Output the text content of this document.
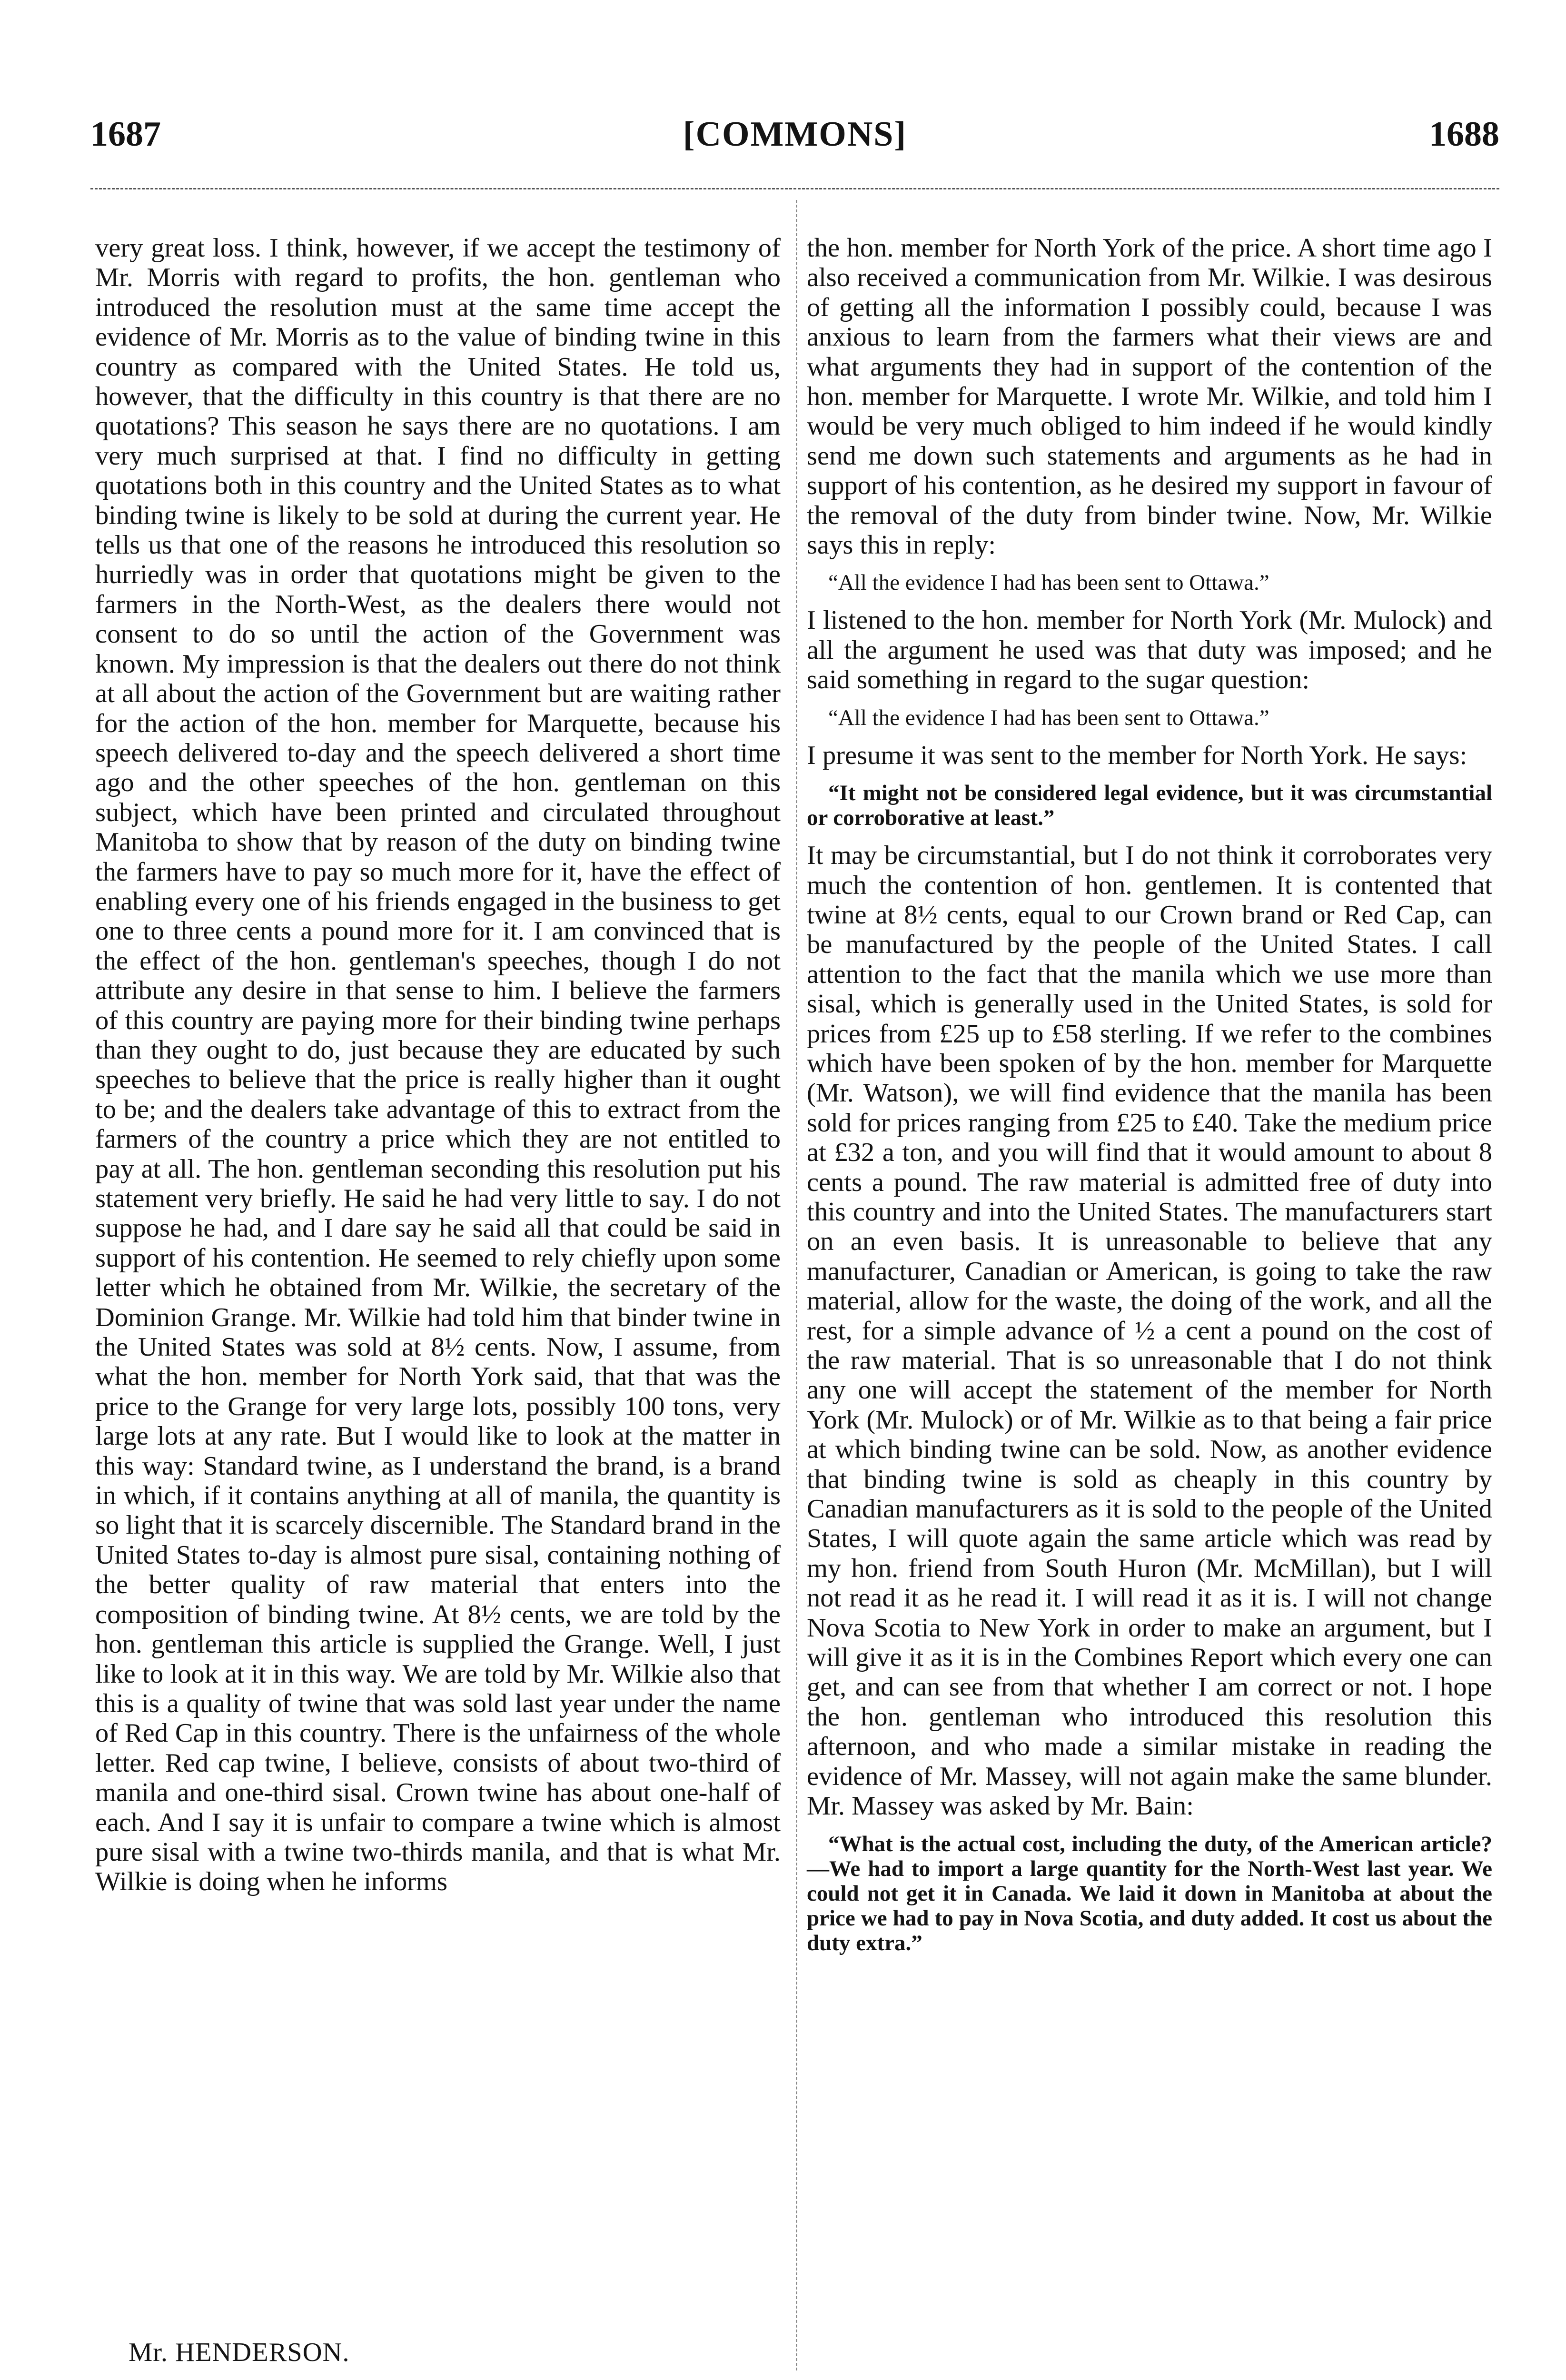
1687	[COMMONS]	1688

very great loss. I think, however, if we accept the testimony of Mr. Morris with regard to profits, the hon. gentleman who introduced the resolution must at the same time accept the evidence of Mr. Morris as to the value of binding twine in this country as compared with the United States. He told us, however, that the difficulty in this country is that there are no quotations? This season he says there are no quotations. I am very much surprised at that. I find no difficulty in getting quotations both in this country and the United States as to what binding twine is likely to be sold at during the current year. He tells us that one of the reasons he introduced this resolution so hurriedly was in order that quotations might be given to the farmers in the North-West, as the dealers there would not consent to do so until the action of the Government was known. My impression is that the dealers out there do not think at all about the action of the Government but are waiting rather for the action of the hon. member for Marquette, because his speech delivered to-day and the speech delivered a short time ago and the other speeches of the hon. gentleman on this subject, which have been printed and circulated throughout Manitoba to show that by reason of the duty on binding twine the farmers have to pay so much more for it, have the effect of enabling every one of his friends engaged in the business to get one to three cents a pound more for it. I am convinced that is the effect of the hon. gentleman's speeches, though I do not attribute any desire in that sense to him. I believe the farmers of this country are paying more for their binding twine perhaps than they ought to do, just because they are educated by such speeches to believe that the price is really higher than it ought to be; and the dealers take advantage of this to extract from the farmers of the country a price which they are not entitled to pay at all. The hon. gentleman seconding this resolution put his statement very briefly. He said he had very little to say. I do not suppose he had, and I dare say he said all that could be said in support of his contention. He seemed to rely chiefly upon some letter which he obtained from Mr. Wilkie, the secretary of the Dominion Grange. Mr. Wilkie had told him that binder twine in the United States was sold at 8½ cents. Now, I assume, from what the hon. member for North York said, that that was the price to the Grange for very large lots, possibly 100 tons, very large lots at any rate. But I would like to look at the matter in this way: Standard twine, as I understand the brand, is a brand in which, if it contains anything at all of manila, the quantity is so light that it is scarcely discernible. The Standard brand in the United States to-day is almost pure sisal, containing nothing of the better quality of raw material that enters into the composition of binding twine. At 8½ cents, we are told by the hon. gentleman this article is supplied the Grange. Well, I just like to look at it in this way. We are told by Mr. Wilkie also that this is a quality of twine that was sold last year under the name of Red Cap in this country. There is the unfairness of the whole letter. Red cap twine, I believe, consists of about two-third of manila and one-third sisal. Crown twine has about one-half of each. And I say it is unfair to compare a twine which is almost pure sisal with a twine two-thirds manila, and that is what Mr. Wilkie is doing when he informs

Mr. HENDERSON.

the hon. member for North York of the price. A short time ago I also received a communication from Mr. Wilkie. I was desirous of getting all the information I possibly could, because I was anxious to learn from the farmers what their views are and what arguments they had in support of the contention of the hon. member for Marquette. I wrote Mr. Wilkie, and told him I would be very much obliged to him indeed if he would kindly send me down such statements and arguments as he had in support of his contention, as he desired my support in favour of the removal of the duty from binder twine. Now, Mr. Wilkie says this in reply:

“All the evidence I had has been sent to Ottawa.”

I listened to the hon. member for North York (Mr. Mulock) and all the argument he used was that duty was imposed; and he said something in regard to the sugar question:

“All the evidence I had has been sent to Ottawa.”

I presume it was sent to the member for North York. He says:

“It might not be considered legal evidence, but it was circumstantial or corroborative at least.”

It may be circumstantial, but I do not think it corroborates very much the contention of hon. gentlemen. It is contented that twine at 8½ cents, equal to our Crown brand or Red Cap, can be manufactured by the people of the United States. I call attention to the fact that the manila which we use more than sisal, which is generally used in the United States, is sold for prices from £25 up to £58 sterling. If we refer to the combines which have been spoken of by the hon. member for Marquette (Mr. Watson), we will find evidence that the manila has been sold for prices ranging from £25 to £40. Take the medium price at £32 a ton, and you will find that it would amount to about 8 cents a pound. The raw material is admitted free of duty into this country and into the United States. The manufacturers start on an even basis. It is unreasonable to believe that any manufacturer, Canadian or American, is going to take the raw material, allow for the waste, the doing of the work, and all the rest, for a simple advance of ½ a cent a pound on the cost of the raw material. That is so unreasonable that I do not think any one will accept the statement of the member for North York (Mr. Mulock) or of Mr. Wilkie as to that being a fair price at which binding twine can be sold. Now, as another evidence that binding twine is sold as cheaply in this country by Canadian manufacturers as it is sold to the people of the United States, I will quote again the same article which was read by my hon. friend from South Huron (Mr. McMillan), but I will not read it as he read it. I will read it as it is. I will not change Nova Scotia to New York in order to make an argument, but I will give it as it is in the Combines Report which every one can get, and can see from that whether I am correct or not. I hope the hon. gentleman who introduced this resolution this afternoon, and who made a similar mistake in reading the evidence of Mr. Massey, will not again make the same blunder. Mr. Massey was asked by Mr. Bain:

“What is the actual cost, including the duty, of the American article?—We had to import a large quantity for the North-West last year. We could not get it in Canada. We laid it down in Manitoba at about the price we had to pay in Nova Scotia, and duty added. It cost us about the duty extra.”
